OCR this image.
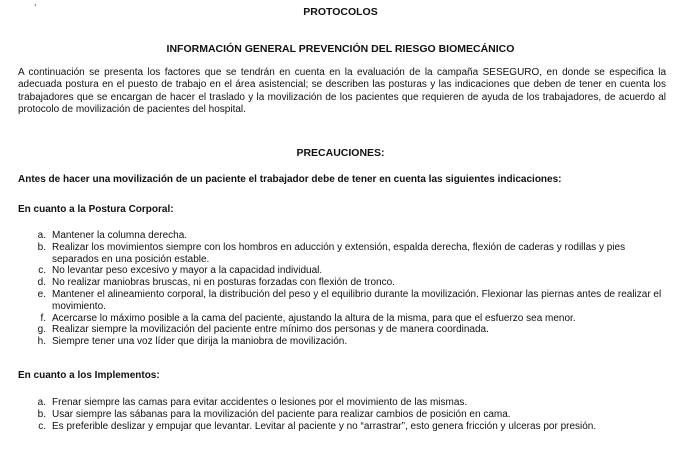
,
PROTOCOLOS
INFORMACIÓN GENERAL PREVENCIÓN DEL RIESGO BIOMECÁNICO

A continuación se presenta los factores que se tendrán en cuenta en la evaluación de la campaña SESEGURO, en donde se especifica la adecuada postura en el puesto de trabajo en el área asistencial; se describen las posturas y las indicaciones que deben de tener en cuenta los trabajadores que se encargan de hacer el traslado y la movilización de los pacientes que requieren de ayuda de los trabajadores, de acuerdo al protocolo de movilización de pacientes del hospital.

PRECAUCIONES:
Antes de hacer una movilización de un paciente el trabajador debe de tener en cuenta las siguientes indicaciones:
En cuanto a la Postura Corporal:
a. Mantener la columna derecha.
b. Realizar los movimientos siempre con los hombros en aducción y extensión, espalda derecha, flexión de caderas y rodillas y pies separados en una posición estable.
c. No levantar peso excesivo y mayor a la capacidad individual.
d. No realizar maniobras bruscas, ni en posturas forzadas con flexión de tronco.
e. Mantener el alineamiento corporal, la distribución del peso y el equilibrio durante la movilización. Flexionar las piernas antes de realizar el movimiento.
f. Acercarse lo máximo posible a la cama del paciente, ajustando la altura de la misma, para que el esfuerzo sea menor.
g. Realizar siempre la movilización del paciente entre mínimo dos personas y de manera coordinada.
h. Siempre tener una voz líder que dirija la maniobra de movilización.
En cuanto a los Implementos:
a. Frenar siempre las camas para evitar accidentes o lesiones por el movimiento de las mismas.
b. Usar siempre las sábanas para la movilización del paciente para realizar cambios de posición en cama.
c. Es preferible deslizar y empujar que levantar. Levitar al paciente y no “arrastrar”, esto genera fricción y ulceras por presión.
